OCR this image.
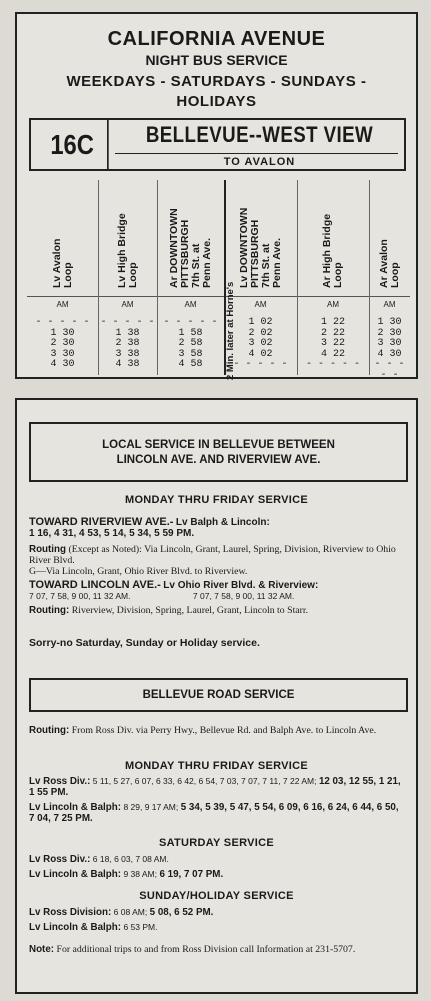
CALIFORNIA AVENUE
NIGHT BUS SERVICE
WEEKDAYS - SATURDAYS - SUNDAYS -
HOLIDAYS
16C	BELLEVUE--WEST VIEW
TO AVALON
Lv Avalon
Loop
AM
- - - - -
1 30
2 30
3 30
4 30
Lv High Bridge
Loop
AM
- - - - -
1 38
2 38
3 38
4 38
Ar DOWNTOWN
PITTSBURGH
7th St. at
Penn Ave.
AM
- - - - -
1 58
2 58
3 58
4 58
Lv DOWNTOWN
PITTSBURGH
7th St. at
Penn Ave.
AM
1 02
2 02
3 02
4 02
- - - - -
Ar High Bridge
Loop
AM
1 22
2 22
3 22
4 22
- - - - -
Ar Avalon
Loop
AM
1 30
2 30
3 30
4 30
- - - - -
2 Min. later at Horne's
LOCAL SERVICE IN BELLEVUE BETWEEN
LINCOLN AVE. AND RIVERVIEW AVE.
MONDAY THRU FRIDAY SERVICE
TOWARD RIVERVIEW AVE.- Lv Balph & Lincoln:
1 16, 4 31, 4 53, 5 14, 5 34, 5 59 PM.
Routing (Except as Noted): Via Lincoln, Grant, Laurel, Spring, Division, Riverview to Ohio River Blvd.
G—Via Lincoln, Grant, Ohio River Blvd. to Riverview.
TOWARD LINCOLN AVE.- Lv Ohio River Blvd. & Riverview:
7 07, 7 58, 9 00, 11 32 AM.	7 07, 7 58, 9 00, 11 32 AM.
Routing: Riverview, Division, Spring, Laurel, Grant, Lincoln to Starr.
Sorry-no Saturday, Sunday or Holiday service.
BELLEVUE ROAD SERVICE
Routing: From Ross Div. via Perry Hwy., Bellevue Rd. and Balph Ave. to Lincoln Ave.
MONDAY THRU FRIDAY SERVICE
Lv Ross Div.: 5 11, 5 27, 6 07, 6 33, 6 42, 6 54, 7 03, 7 07, 7 11, 7 22 AM; 12 03, 12 55, 1 21, 1 55 PM.
Lv Lincoln & Balph: 8 29, 9 17 AM; 5 34, 5 39, 5 47, 5 54, 6 09, 6 16, 6 24, 6 44, 6 50, 7 04, 7 25 PM.
SATURDAY SERVICE
Lv Ross Div.: 6 18, 6 03, 7 08 AM.
Lv Lincoln & Balph: 9 38 AM; 6 19, 7 07 PM.
SUNDAY/HOLIDAY SERVICE
Lv Ross Division: 6 08 AM; 5 08, 6 52 PM.
Lv Lincoln & Balph: 6 53 PM.
Note: For additional trips to and from Ross Division call Information at 231-5707.
